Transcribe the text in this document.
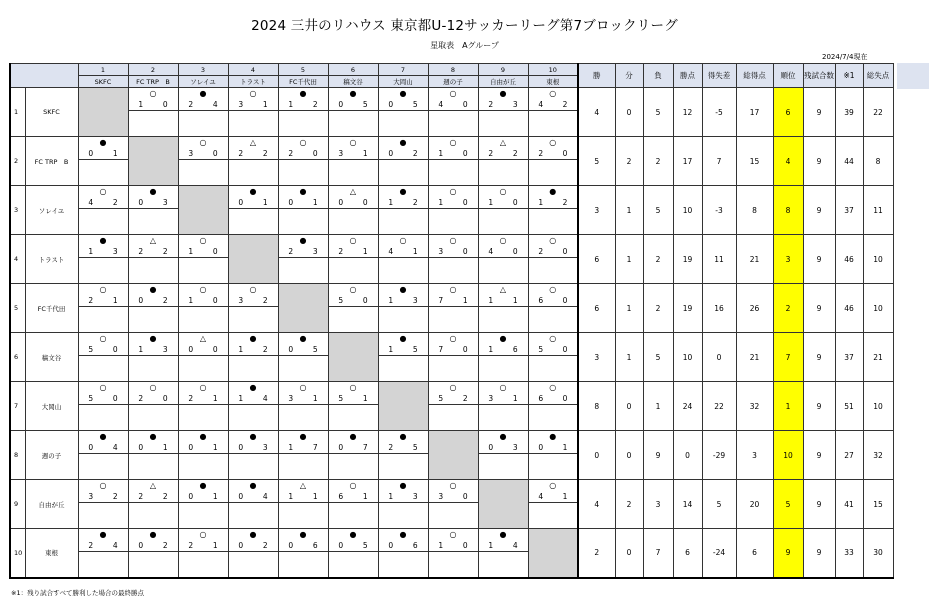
2024 三井のリハウス 東京都U-12サッカーリーグ第7ブロックリーグ
星取表　Aグループ
2024/7/4現在
		1		2		3		4		5		6		7		8		9		10		勝	分	負	勝点	得失差	総得点	順位	残試合数	※1	総失点
		SKFC		FC TRP　B		ソレイユ		トラスト		FC千代田		稿文谷		大岡山		週の子		自由が丘		東根											
1	SKFC			○		●		○		●		●		●		○		●		○		4	0	5	12	-5	17	6	9	39	22
				1	0	2	4	3	1	1	2	0	5	0	5	4	0	2	3	4	2										

2	FC TRP　B	●				○		△		○		○		●		○		△		○		5	2	2	17	7	15	4	9	44	8
		0	1			3	0	2	2	2	0	3	1	0	2	1	0	2	2	2	0										

3	ソレイユ	○		●				●		●		△		●		○		○		●		3	1	5	10	-3	8	8	9	37	11
		4	2	0	3			0	1	0	1	0	0	1	2	1	0	1	0	1	2										

4	トラスト	●		△		○				●		○		○		○		○		○		6	1	2	19	11	21	3	9	46	10
		1	3	2	2	1	0			2	3	2	1	4	1	3	0	4	0	2	0										

5	FC千代田	○		●		○		○				○		●		○		△		○		6	1	2	19	16	26	2	9	46	10
		2	1	0	2	1	0	3	2			5	0	1	3	7	1	1	1	6	0										

6	稿文谷	○		●		△		●		●				●		○		●		○		3	1	5	10	0	21	7	9	37	21
		5	0	1	3	0	0	1	2	0	5			1	5	7	0	1	6	5	0										

7	大岡山	○		○		○		●		○		○				○		○		○		8	0	1	24	22	32	1	9	51	10
		5	0	2	0	2	1	1	4	3	1	5	1			5	2	3	1	6	0										

8	週の子	●		●		●		●		●		●		●				●		●		0	0	9	0	-29	3	10	9	27	32
		0	4	0	1	0	1	0	3	1	7	0	7	2	5			0	3	0	1										

9	自由が丘	○		△		●		●		△		○		●		○				○		4	2	3	14	5	20	5	9	41	15
		3	2	2	2	0	1	0	4	1	1	6	1	1	3	3	0			4	1										

10	東根	●		●		○		●		●		●		●		○		●				2	0	7	6	-24	6	9	9	33	30
		2	4	0	2	2	1	0	2	0	6	0	5	0	6	1	0	1	4												

※1：残り試合すべて勝利した場合の最終勝点
